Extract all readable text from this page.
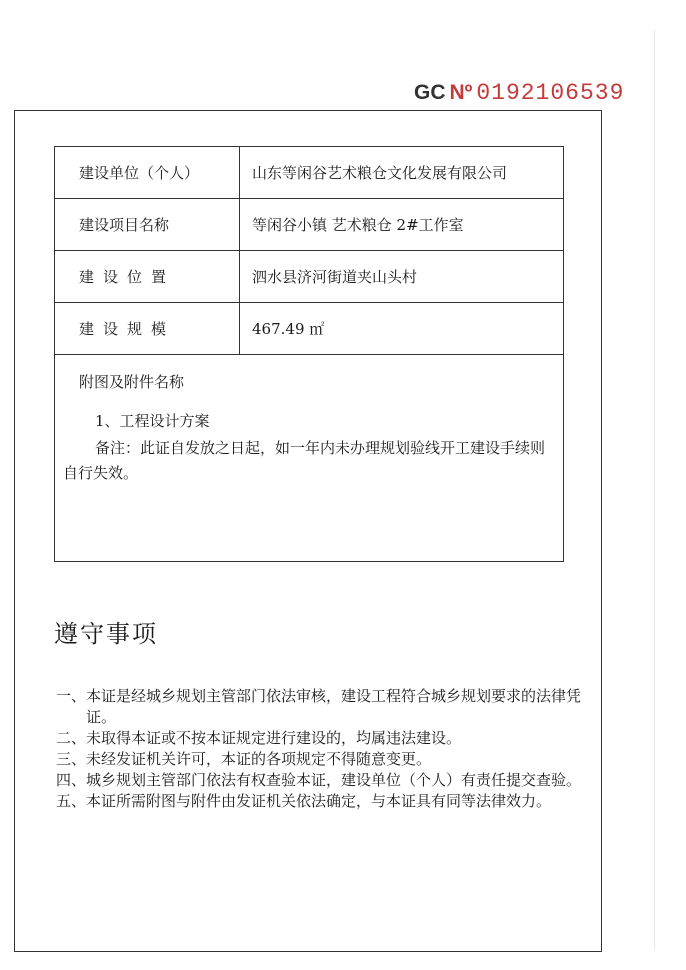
GC Nº 0192106539
建设单位（个人）	山东等闲谷艺术粮仓文化发展有限公司
建设项目名称	等闲谷小镇 艺术粮仓 2#工作室
建设位置	泗水县济河街道夹山头村
建设规模	467.49 ㎡
附图及附件名称
1、工程设计方案
备注：此证自发放之日起，如一年内未办理规划验线开工建设手续则自行失效。
遵守事项
一、 本证是经城乡规划主管部门依法审核，建设工程符合城乡规划要求的法律凭证。
二、 未取得本证或不按本证规定进行建设的，均属违法建设。
三、 未经发证机关许可，本证的各项规定不得随意变更。
四、 城乡规划主管部门依法有权查验本证，建设单位（个人）有责任提交查验。
五、 本证所需附图与附件由发证机关依法确定，与本证具有同等法律效力。
